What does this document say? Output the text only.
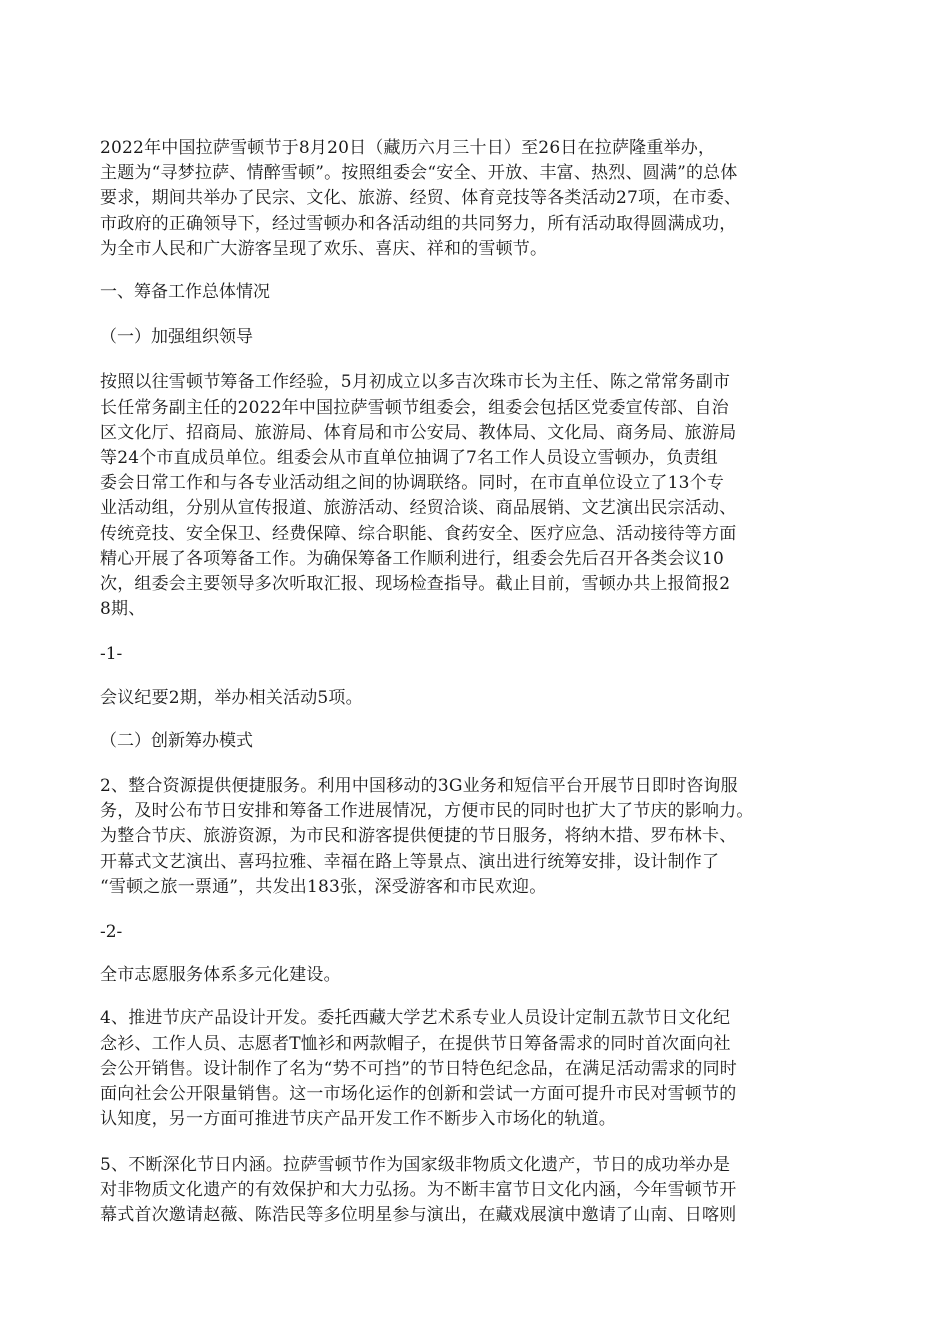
2022年中国拉萨雪顿节于8月20日（藏历六月三十日）至26日在拉萨隆重举办，
主题为“寻梦拉萨、情醉雪顿”。按照组委会“安全、开放、丰富、热烈、圆满”的总体
要求，期间共举办了民宗、文化、旅游、经贸、体育竞技等各类活动27项，在市委、
市政府的正确领导下，经过雪顿办和各活动组的共同努力，所有活动取得圆满成功，
为全市人民和广大游客呈现了欢乐、喜庆、祥和的雪顿节。

一、筹备工作总体情况

（一）加强组织领导

按照以往雪顿节筹备工作经验，5月初成立以多吉次珠市长为主任、陈之常常务副市
长任常务副主任的2022年中国拉萨雪顿节组委会，组委会包括区党委宣传部、自治
区文化厅、招商局、旅游局、体育局和市公安局、教体局、文化局、商务局、旅游局
等24个市直成员单位。组委会从市直单位抽调了7名工作人员设立雪顿办，负责组
委会日常工作和与各专业活动组之间的协调联络。同时，在市直单位设立了13个专
业活动组，分别从宣传报道、旅游活动、经贸洽谈、商品展销、文艺演出民宗活动、
传统竞技、安全保卫、经费保障、综合职能、食药安全、医疗应急、活动接待等方面
精心开展了各项筹备工作。为确保筹备工作顺利进行，组委会先后召开各类会议10
次，组委会主要领导多次听取汇报、现场检查指导。截止目前，雪顿办共上报简报2
8期、

-1-

会议纪要2期，举办相关活动5项。

（二）创新筹办模式

2、整合资源提供便捷服务。利用中国移动的3G业务和短信平台开展节日即时咨询服
务，及时公布节日安排和筹备工作进展情况，方便市民的同时也扩大了节庆的影响力。
为整合节庆、旅游资源，为市民和游客提供便捷的节日服务，将纳木措、罗布林卡、
开幕式文艺演出、喜玛拉雅、幸福在路上等景点、演出进行统筹安排，设计制作了
“雪顿之旅一票通”，共发出183张，深受游客和市民欢迎。

-2-

全市志愿服务体系多元化建设。

4、推进节庆产品设计开发。委托西藏大学艺术系专业人员设计定制五款节日文化纪
念衫、工作人员、志愿者T恤衫和两款帽子，在提供节日筹备需求的同时首次面向社
会公开销售。设计制作了名为“势不可挡”的节日特色纪念品，在满足活动需求的同时
面向社会公开限量销售。这一市场化运作的创新和尝试一方面可提升市民对雪顿节的
认知度，另一方面可推进节庆产品开发工作不断步入市场化的轨道。

5、不断深化节日内涵。拉萨雪顿节作为国家级非物质文化遗产，节日的成功举办是
对非物质文化遗产的有效保护和大力弘扬。为不断丰富节日文化内涵，今年雪顿节开
幕式首次邀请赵薇、陈浩民等多位明星参与演出，在藏戏展演中邀请了山南、日喀则
